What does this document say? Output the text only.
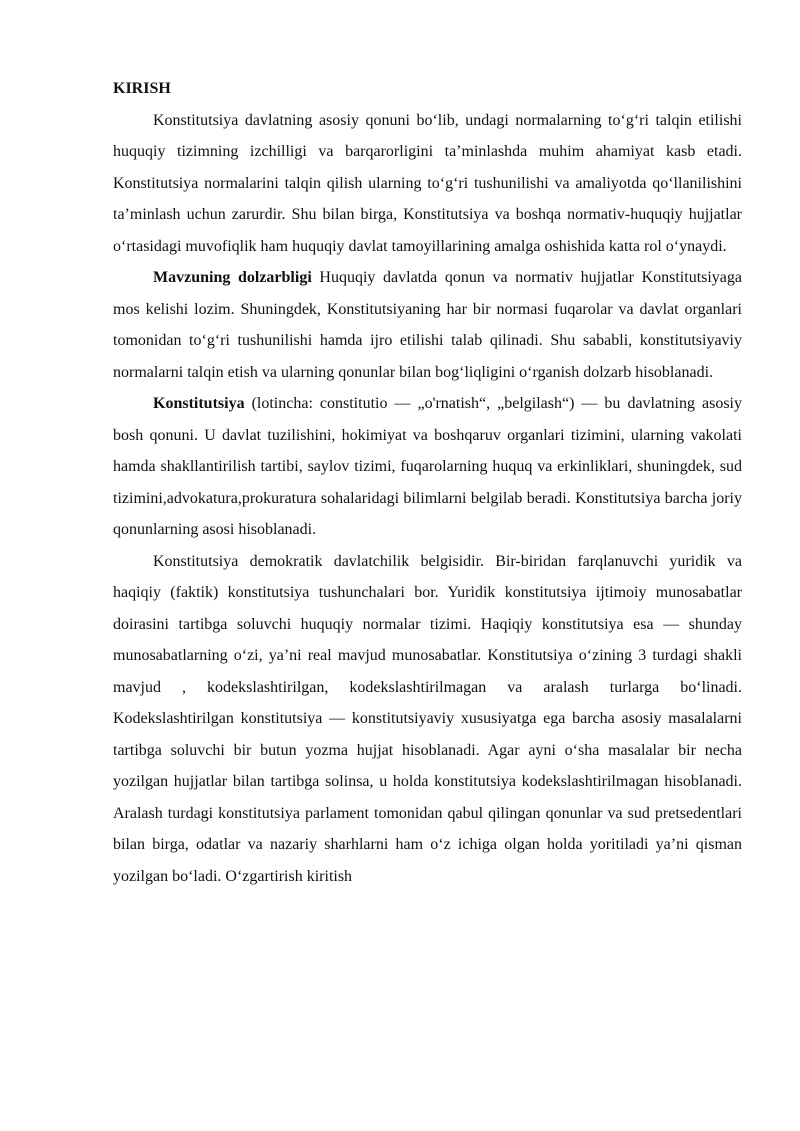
KIRISH

Konstitutsiya davlatning asosiy qonuni bo‘lib, undagi normalarning to‘g‘ri talqin etilishi huquqiy tizimning izchilligi va barqarorligini ta’minlashda muhim ahamiyat kasb etadi. Konstitutsiya normalarini talqin qilish ularning to‘g‘ri tushunilishi va amaliyotda qo‘llanilishini ta’minlash uchun zarurdir. Shu bilan birga, Konstitutsiya va boshqa normativ-huquqiy hujjatlar o‘rtasidagi muvofiqlik ham huquqiy davlat tamoyillarining amalga oshishida katta rol o‘ynaydi.

Mavzuning dolzarbligi Huquqiy davlatda qonun va normativ hujjatlar Konstitutsiyaga mos kelishi lozim. Shuningdek, Konstitutsiyaning har bir normasi fuqarolar va davlat organlari tomonidan to‘g‘ri tushunilishi hamda ijro etilishi talab qilinadi. Shu sababli, konstitutsiyaviy normalarni talqin etish va ularning qonunlar bilan bog‘liqligini o‘rganish dolzarb hisoblanadi.

Konstitutsiya (lotincha: constitutio — „o'rnatish“, „belgilash“) — bu davlatning asosiy bosh qonuni. U davlat tuzilishini, hokimiyat va boshqaruv organlari tizimini, ularning vakolati hamda shakllantirilish tartibi, saylov tizimi, fuqarolarning huquq va erkinliklari, shuningdek, sud tizimini,advokatura,prokuratura sohalaridagi bilimlarni belgilab beradi. Konstitutsiya barcha joriy qonunlarning asosi hisoblanadi.

Konstitutsiya demokratik davlatchilik belgisidir. Bir-biridan farqlanuvchi yuridik va haqiqiy (faktik) konstitutsiya tushunchalari bor. Yuridik konstitutsiya ijtimoiy munosabatlar doirasini tartibga soluvchi huquqiy normalar tizimi. Haqiqiy konstitutsiya esa — shunday munosabatlarning o‘zi, ya’ni real mavjud munosabatlar. Konstitutsiya o‘zining 3 turdagi shakli mavjud , kodekslashtirilgan, kodekslashtirilmagan va aralash turlarga bo‘linadi. Kodekslashtirilgan konstitutsiya — konstitutsiyaviy xususiyatga ega barcha asosiy masalalarni tartibga soluvchi bir butun yozma hujjat hisoblanadi. Agar ayni o‘sha masalalar bir necha yozilgan hujjatlar bilan tartibga solinsa, u holda konstitutsiya kodekslashtirilmagan hisoblanadi. Aralash turdagi konstitutsiya parlament tomonidan qabul qilingan qonunlar va sud pretsedentlari bilan birga, odatlar va nazariy sharhlarni ham o‘z ichiga olgan holda yoritiladi ya’ni qisman yozilgan bo‘ladi. O‘zgartirish kiritish
